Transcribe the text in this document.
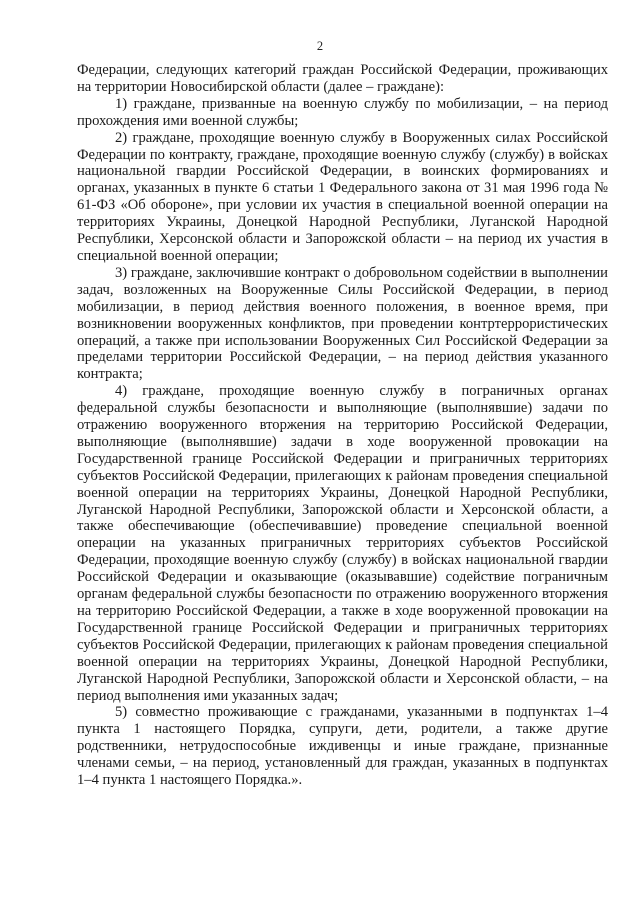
2

Федерации, следующих категорий граждан Российской Федерации, проживающих на территории Новосибирской области (далее – граждане):

1) граждане, призванные на военную службу по мобилизации, – на период прохождения ими военной службы;

2) граждане, проходящие военную службу в Вооруженных силах Российской Федерации по контракту, граждане, проходящие военную службу (службу) в войсках национальной гвардии Российской Федерации, в воинских формированиях и органах, указанных в пункте 6 статьи 1 Федерального закона от 31 мая 1996 года № 61-ФЗ «Об обороне», при условии их участия в специальной военной операции на территориях Украины, Донецкой Народной Республики, Луганской Народной Республики, Херсонской области и Запорожской области – на период их участия в специальной военной операции;

3) граждане, заключившие контракт о добровольном содействии в выполнении задач, возложенных на Вооруженные Силы Российской Федерации, в период мобилизации, в период действия военного положения, в военное время, при возникновении вооруженных конфликтов, при проведении контртеррористических операций, а также при использовании Вооруженных Сил Российской Федерации за пределами территории Российской Федерации, – на период действия указанного контракта;

4) граждане, проходящие военную службу в пограничных органах федеральной службы безопасности и выполняющие (выполнявшие) задачи по отражению вооруженного вторжения на территорию Российской Федерации, выполняющие (выполнявшие) задачи в ходе вооруженной провокации на Государственной границе Российской Федерации и приграничных территориях субъектов Российской Федерации, прилегающих к районам проведения специальной военной операции на территориях Украины, Донецкой Народной Республики, Луганской Народной Республики, Запорожской области и Херсонской области, а также обеспечивающие (обеспечивавшие) проведение специальной военной операции на указанных приграничных территориях субъектов Российской Федерации, проходящие военную службу (службу) в войсках национальной гвардии Российской Федерации и оказывающие (оказывавшие) содействие пограничным органам федеральной службы безопасности по отражению вооруженного вторжения на территорию Российской Федерации, а также в ходе вооруженной провокации на Государственной границе Российской Федерации и приграничных территориях субъектов Российской Федерации, прилегающих к районам проведения специальной военной операции на территориях Украины, Донецкой Народной Республики, Луганской Народной Республики, Запорожской области и Херсонской области, – на период выполнения ими указанных задач;

5) совместно проживающие с гражданами, указанными в подпунктах 1–4 пункта 1 настоящего Порядка, супруги, дети, родители, а также другие родственники, нетрудоспособные иждивенцы и иные граждане, признанные членами семьи, – на период, установленный для граждан, указанных в подпунктах 1–4 пункта 1 настоящего Порядка.».
